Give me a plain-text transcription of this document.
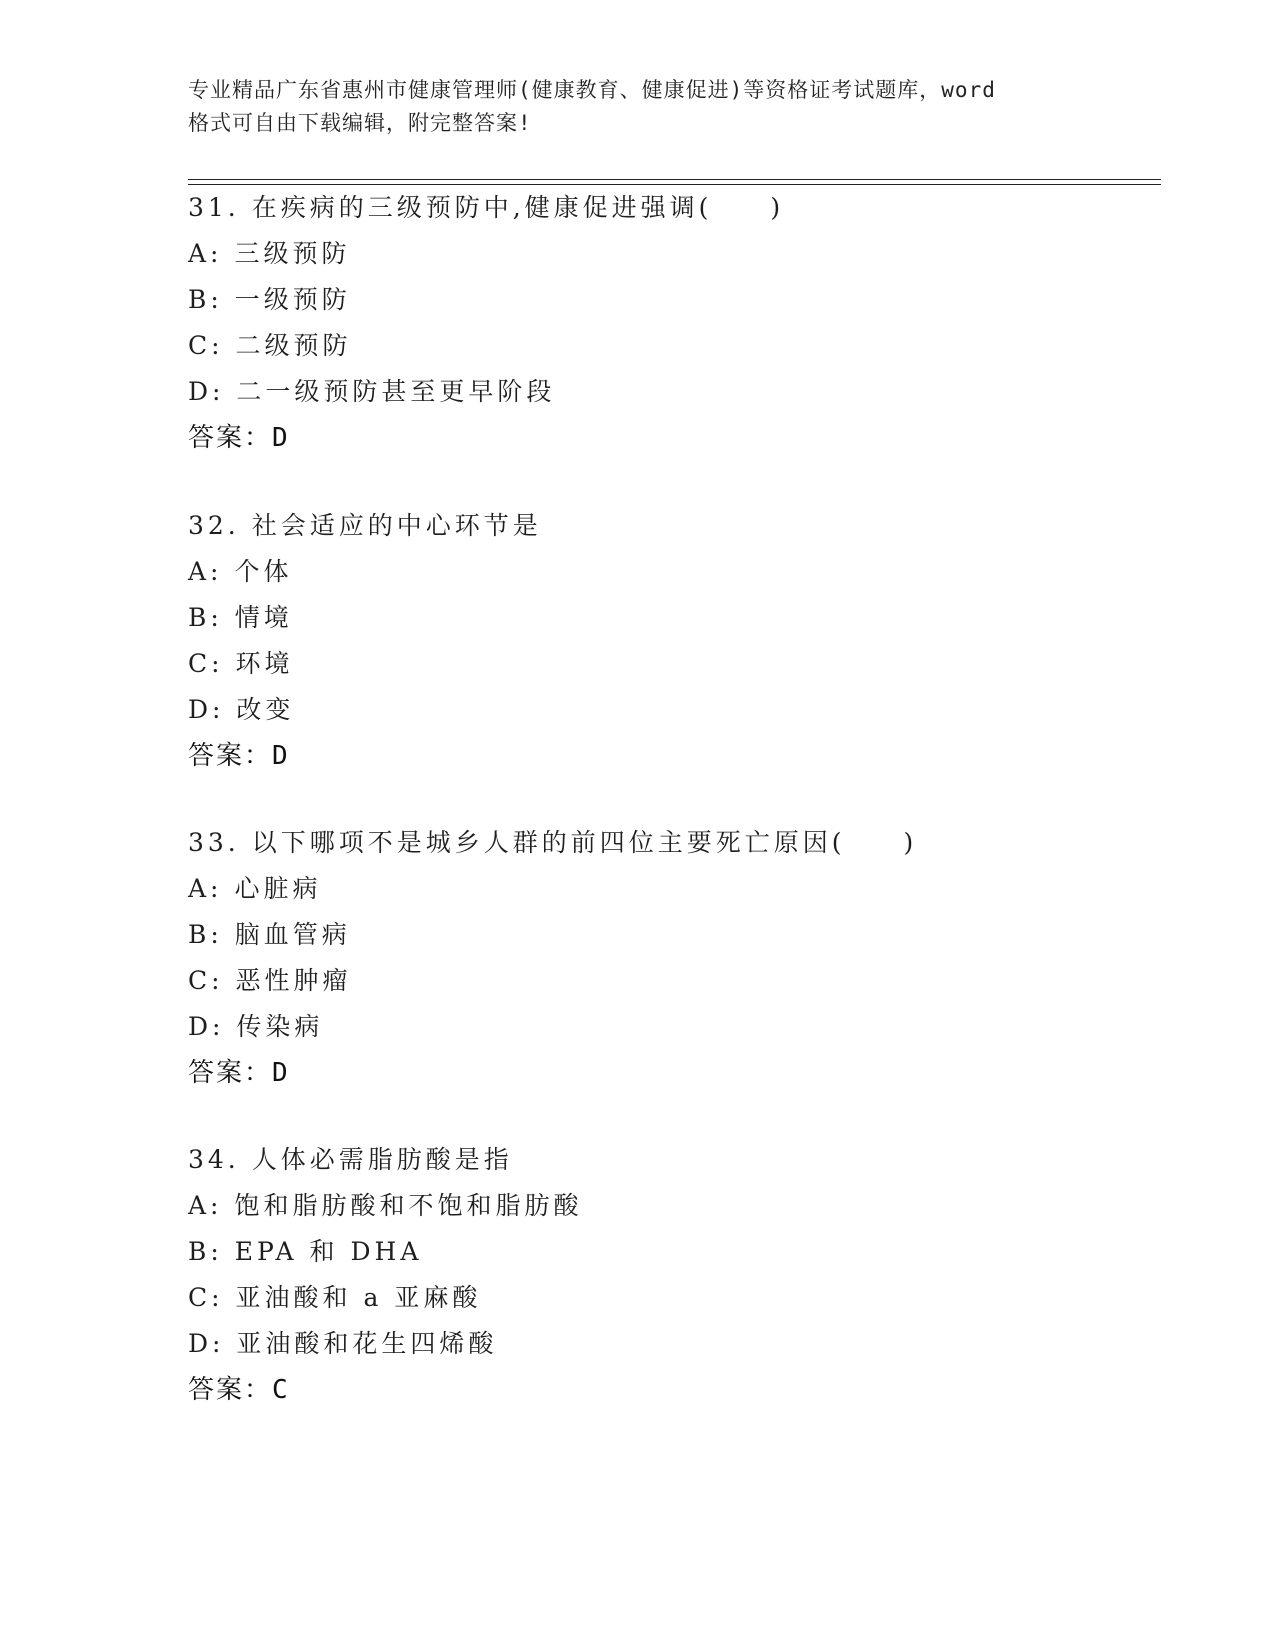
专业精品广东省惠州市健康管理师(健康教育、健康促进)等资格证考试题库，word
格式可自由下载编辑，附完整答案!
31. 在疾病的三级预防中,健康促进强调(　　)
A: 三级预防
B: 一级预防
C: 二级预防
D: 二一级预防甚至更早阶段
答案：D
32. 社会适应的中心环节是
A: 个体
B: 情境
C: 环境
D: 改变
答案：D
33. 以下哪项不是城乡人群的前四位主要死亡原因(　　)
A: 心脏病
B: 脑血管病
C: 恶性肿瘤
D: 传染病
答案：D
34. 人体必需脂肪酸是指
A: 饱和脂肪酸和不饱和脂肪酸
B: EPA 和 DHA
C: 亚油酸和 a 亚麻酸
D: 亚油酸和花生四烯酸
答案：C
